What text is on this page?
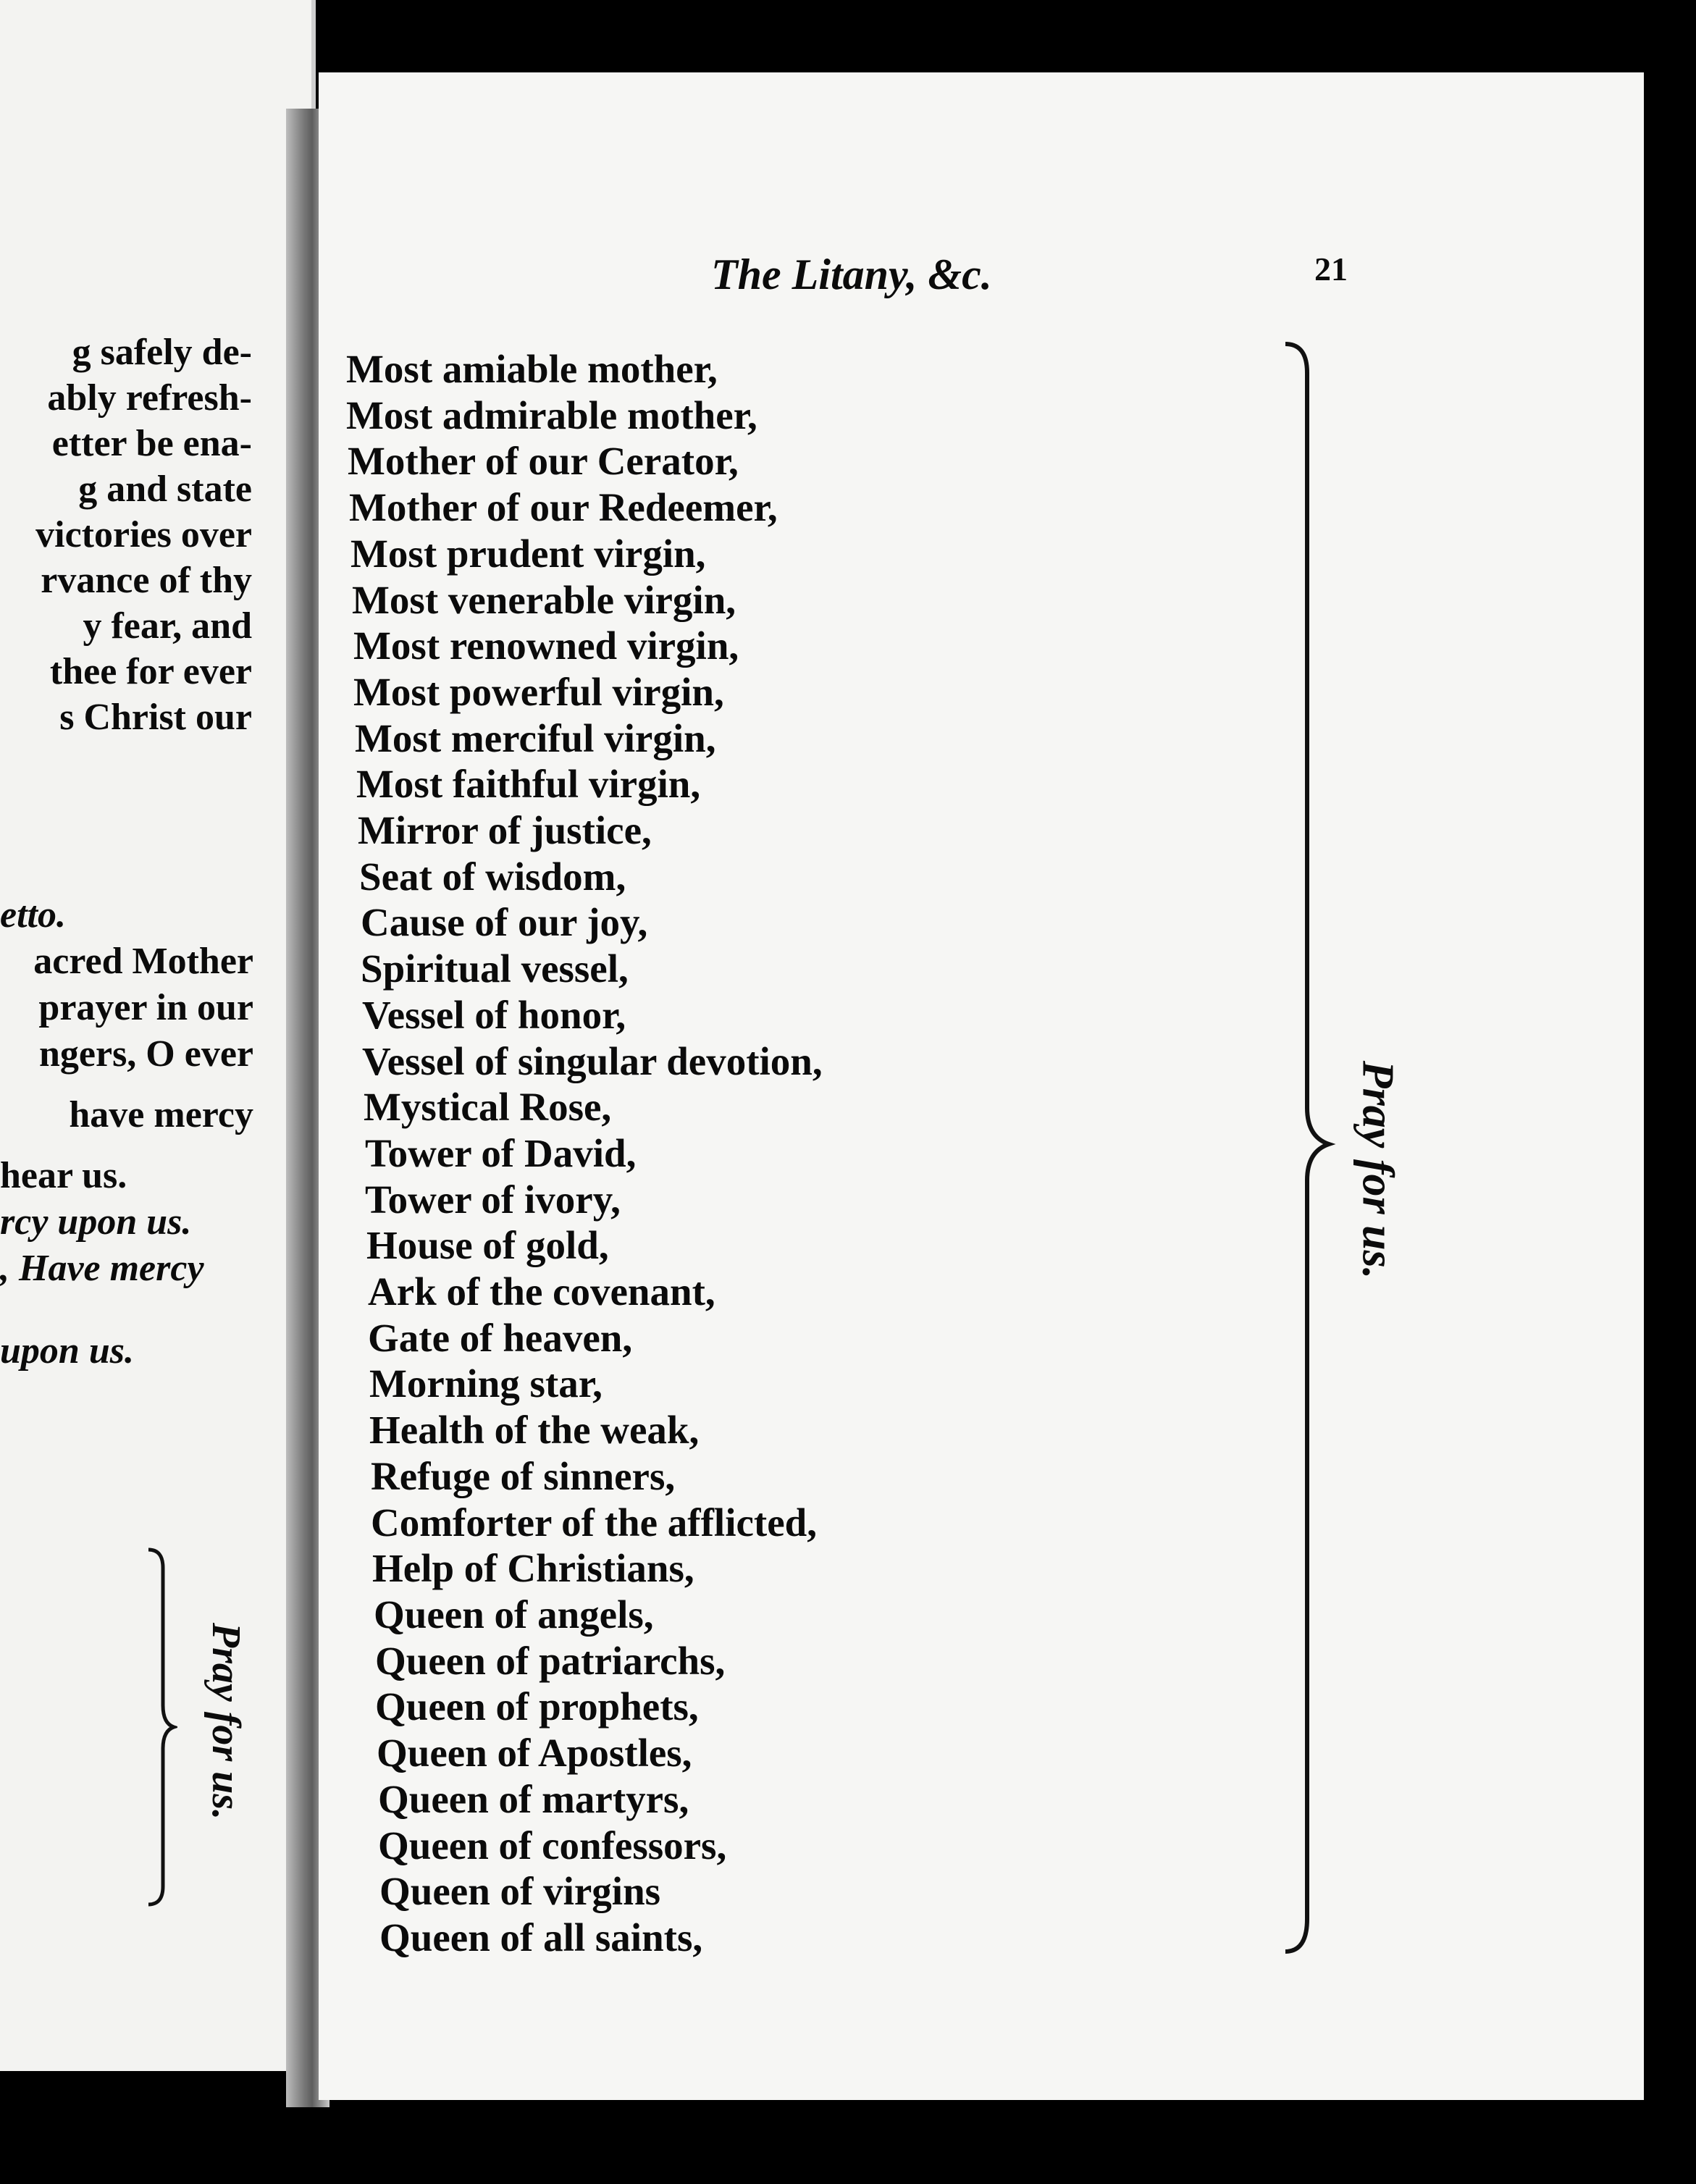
g safely de-
ably refresh-
etter be ena-
g and state
victories over
rvance of thy
y fear, and
thee for ever
s Christ our
etto.
acred Mother
prayer in our
ngers, O ever
have mercy
hear us.
rcy upon us.
, Have mercy
upon us.
Pray for us.
The Litany, &c.	21
Most amiable mother,
Most admirable mother,
Mother of our Cerator,
Mother of our Redeemer,
Most prudent virgin,
Most venerable virgin,
Most renowned virgin,
Most powerful virgin,
Most merciful virgin,
Most faithful virgin,
Mirror of justice,
Seat of wisdom,
Cause of our joy,
Spiritual vessel,
Vessel of honor,
Vessel of singular devotion,
Mystical Rose,
Tower of David,
Tower of ivory,
House of gold,
Ark of the covenant,
Gate of heaven,
Morning star,
Health of the weak,
Refuge of sinners,
Comforter of the afflicted,
Help of Christians,
Queen of angels,
Queen of patriarchs,
Queen of prophets,
Queen of Apostles,
Queen of martyrs,
Queen of confessors,
Queen of virgins
Queen of all saints,
Pray for us.
